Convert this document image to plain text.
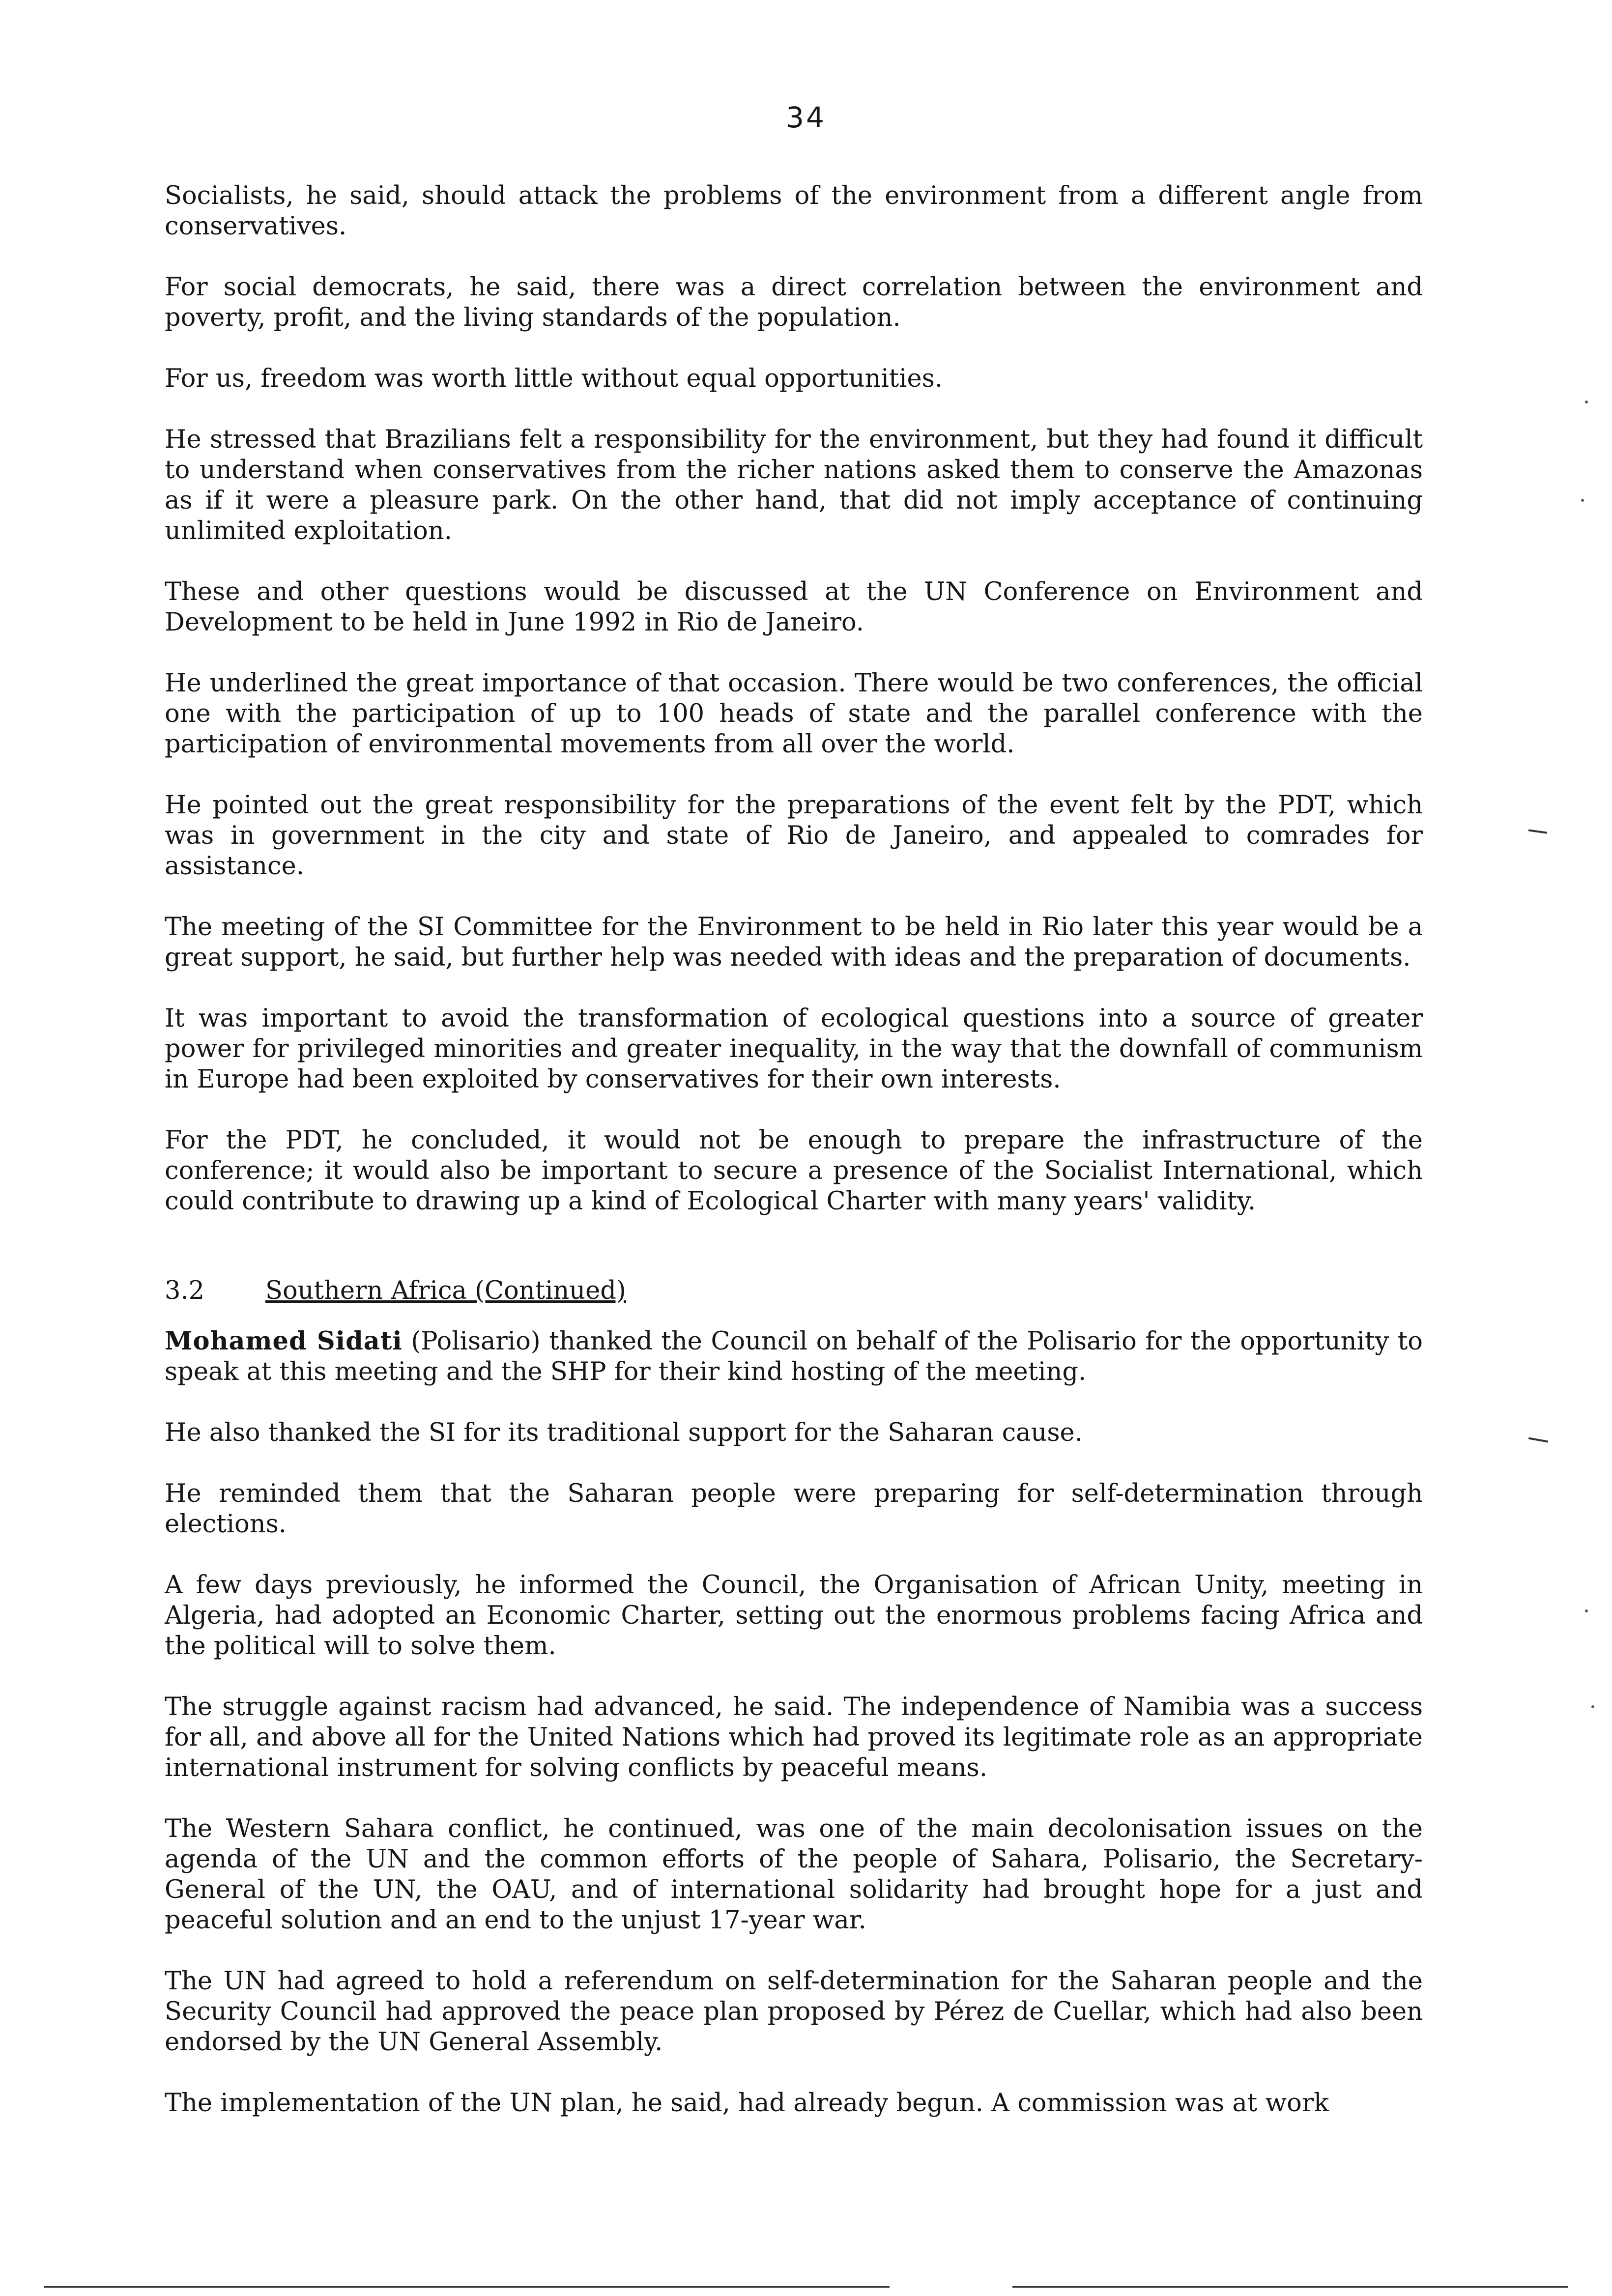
34

Socialists, he said, should attack the problems of the environment from a different angle from conservatives.

For social democrats, he said, there was a direct correlation between the environment and poverty, profit, and the living standards of the population.

For us, freedom was worth little without equal opportunities.

He stressed that Brazilians felt a responsibility for the environment, but they had found it difficult to understand when conservatives from the richer nations asked them to conserve the Amazonas as if it were a pleasure park. On the other hand, that did not imply acceptance of continuing unlimited exploitation.

These and other questions would be discussed at the UN Conference on Environment and Development to be held in June 1992 in Rio de Janeiro.

He underlined the great importance of that occasion. There would be two conferences, the official one with the participation of up to 100 heads of state and the parallel conference with the participation of environmental movements from all over the world.

He pointed out the great responsibility for the preparations of the event felt by the PDT, which was in government in the city and state of Rio de Janeiro, and appealed to comrades for assistance.

The meeting of the SI Committee for the Environment to be held in Rio later this year would be a great support, he said, but further help was needed with ideas and the preparation of documents.

It was important to avoid the transformation of ecological questions into a source of greater power for privileged minorities and greater inequality, in the way that the downfall of communism in Europe had been exploited by conservatives for their own interests.

For the PDT, he concluded, it would not be enough to prepare the infrastructure of the conference; it would also be important to secure a presence of the Socialist International, which could contribute to drawing up a kind of Ecological Charter with many years' validity.

3.2	Southern Africa (Continued)

Mohamed Sidati (Polisario) thanked the Council on behalf of the Polisario for the opportunity to speak at this meeting and the SHP for their kind hosting of the meeting.

He also thanked the SI for its traditional support for the Saharan cause.

He reminded them that the Saharan people were preparing for self-determination through elections.

A few days previously, he informed the Council, the Organisation of African Unity, meeting in Algeria, had adopted an Economic Charter, setting out the enormous problems facing Africa and the political will to solve them.

The struggle against racism had advanced, he said. The independence of Namibia was a success for all, and above all for the United Nations which had proved its legitimate role as an appropriate international instrument for solving conflicts by peaceful means.

The Western Sahara conflict, he continued, was one of the main decolonisation issues on the agenda of the UN and the common efforts of the people of Sahara, Polisario, the Secretary-General of the UN, the OAU, and of international solidarity had brought hope for a just and peaceful solution and an end to the unjust 17-year war.

The UN had agreed to hold a referendum on self-determination for the Saharan people and the Security Council had approved the peace plan proposed by Pérez de Cuellar, which had also been endorsed by the UN General Assembly.

The implementation of the UN plan, he said, had already begun. A commission was at work
